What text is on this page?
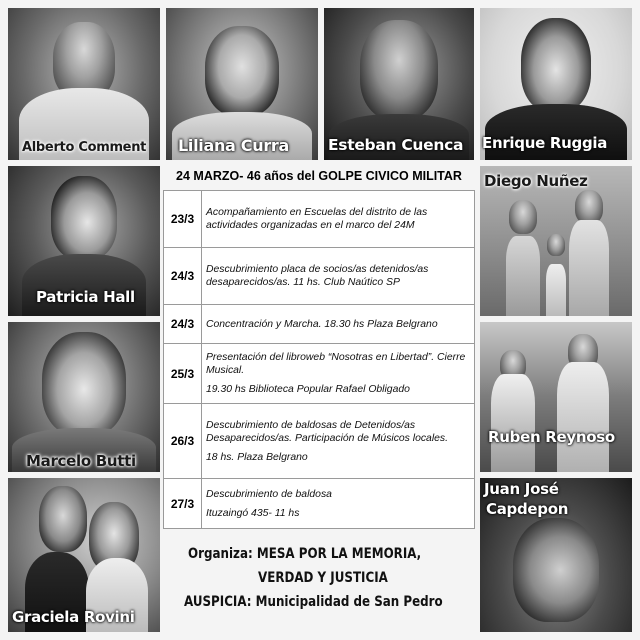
Alberto Comment Liliana Curra	Esteban Cuenca Enrique Ruggia
Patricia Hall
Marcelo Butti
Graciela Rovini
Diego Nuñez
Ruben Reynoso
Juan José
Capdepon
24 MARZO- 46 años del GOLPE CIVICO MILITAR
23/3	Acompañamiento en Escuelas del distrito de las actividades organizadas en el marco del 24M

24/3	Descubrimiento placa de socios/as detenidos/as desaparecidos/as. 11 hs. Club Naútico SP

24/3	Concentración y Marcha. 18.30 hs Plaza Belgrano

25/3	Presentación del libroweb “Nosotras en Libertad”. Cierre Musical.

19.30 hs Biblioteca Popular Rafael Obligado

26/3	Descubrimiento de baldosas de Detenidos/as Desaparecidos/as. Participación de Músicos locales.

18 hs. Plaza Belgrano

27/3	Descubrimiento de baldosa

Ituzaingó 435- 11 hs

Organiza: MESA POR LA MEMORIA,
VERDAD Y JUSTICIA
AUSPICIA: Municipalidad de San Pedro
